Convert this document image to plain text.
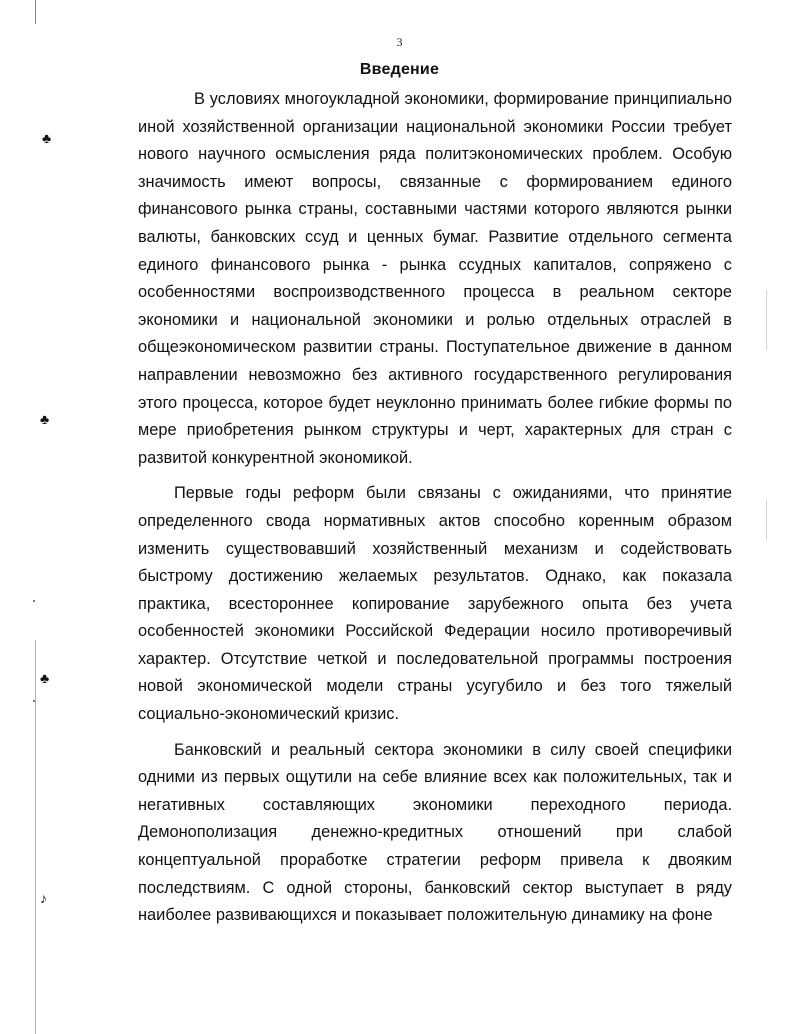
♣
♣
♣
♪
3
Введение

В условиях многоукладной экономики, формирование принципиально иной хозяйственной организации национальной экономики России требует нового научного осмысления ряда политэкономических проблем. Особую значимость имеют вопросы, связанные с формированием единого финансового рынка страны, составными частями которого являются рынки валюты, банковских ссуд и ценных бумаг. Развитие отдельного сегмента единого финансового рынка - рынка ссудных капиталов, сопряжено с особенностями воспроизводственного процесса в реальном секторе экономики и национальной экономики и ролью отдельных отраслей в общеэкономическом развитии страны. Поступательное движение в данном направлении невозможно без активного государственного регулирования этого процесса, которое будет неуклонно принимать более гибкие формы по мере приобретения рынком структуры и черт, характерных для стран с развитой конкурентной экономикой.

Первые годы реформ были связаны с ожиданиями, что принятие определенного свода нормативных актов способно коренным образом изменить существовавший хозяйственный механизм и содействовать быстрому достижению желаемых результатов. Однако, как показала практика, всестороннее копирование зарубежного опыта без учета особенностей экономики Российской Федерации носило противоречивый характер. Отсутствие четкой и последовательной программы построения новой экономической модели страны усугубило и без того тяжелый социально-экономический кризис.

Банковский и реальный сектора экономики в силу своей специфики одними из первых ощутили на себе влияние всех как положительных, так и негативных составляющих экономики переходного периода. Демонополизация денежно-кредитных отношений при слабой концептуальной проработке стратегии реформ привела к двояким последствиям. С одной стороны, банковский сектор выступает в ряду наиболее развивающихся и показывает положительную динамику на фоне
